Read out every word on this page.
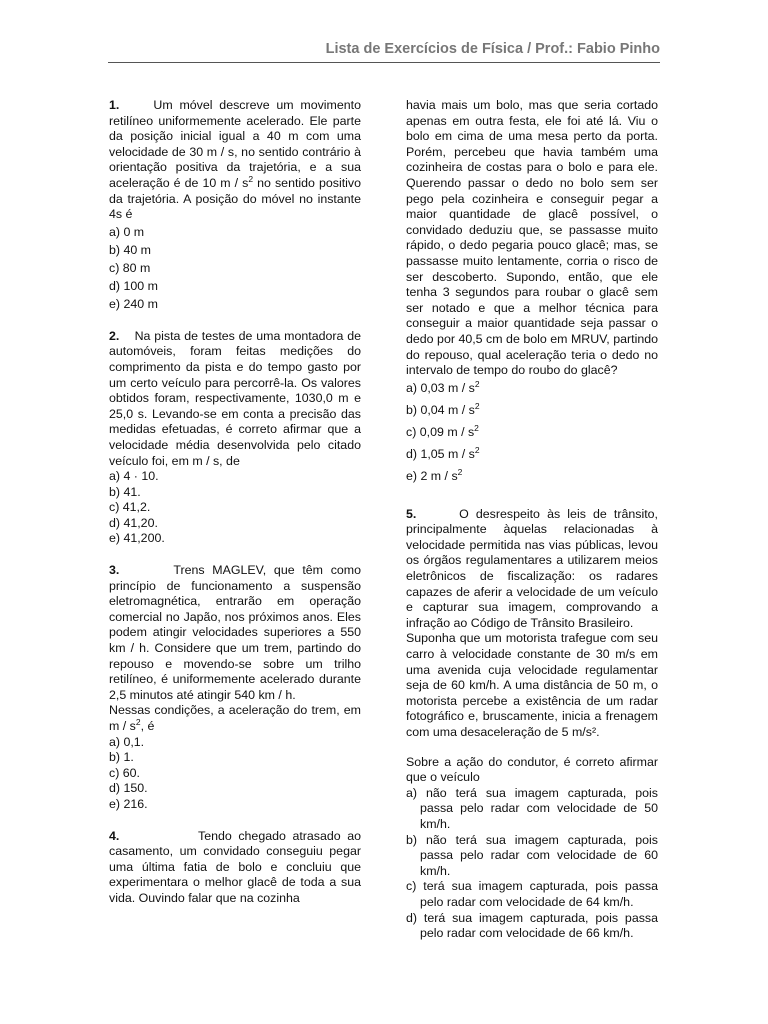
Lista de Exercícios de Física / Prof.: Fabio Pinho

1.	Um móvel descreve um movimento retilíneo uniformemente acelerado. Ele parte da posição inicial igual a 40 m com uma velocidade de 30 m / s, no sentido contrário à orientação positiva da trajetória, e a sua aceleração é de 10 m / $s^2$ no sentido positivo da trajetória. A posição do móvel no instante 4s é

a) 0 m
b) 40 m
c) 80 m
d) 100 m
e) 240 m

2. Na pista de testes de uma montadora de automóveis, foram feitas medições do comprimento da pista e do tempo gasto por um certo veículo para percorrê-la. Os valores obtidos foram, respectivamente, 1030,0 m e 25,0 s. Levando-se em conta a precisão das medidas efetuadas, é correto afirmar que a velocidade média desenvolvida pelo citado veículo foi, em m / s, de

a) 4 · 10.
b) 41.
c) 41,2.
d) 41,20.
e) 41,200.

3.	Trens MAGLEV, que têm como princípio de funcionamento a suspensão eletromagnética, entrarão em operação comercial no Japão, nos próximos anos. Eles podem atingir velocidades superiores a 550 km / h. Considere que um trem, partindo do repouso e movendo-se sobre um trilho retilíneo, é uniformemente acelerado durante 2,5 minutos até atingir 540 km / h.

Nessas condições, a aceleração do trem, em m / $s^2$, é

a) 0,1.
b) 1.
c) 60.
d) 150.
e) 216.

4.	Tendo chegado atrasado ao casamento, um convidado conseguiu pegar uma última fatia de bolo e concluiu que experimentara o melhor glacê de toda a sua vida. Ouvindo falar que na cozinha

havia mais um bolo, mas que seria cortado apenas em outra festa, ele foi até lá. Viu o bolo em cima de uma mesa perto da porta. Porém, percebeu que havia também uma cozinheira de costas para o bolo e para ele. Querendo passar o dedo no bolo sem ser pego pela cozinheira e conseguir pegar a maior quantidade de glacê possível, o convidado deduziu que, se passasse muito rápido, o dedo pegaria pouco glacê; mas, se passasse muito lentamente, corria o risco de ser descoberto. Supondo, então, que ele tenha 3 segundos para roubar o glacê sem ser notado e que a melhor técnica para conseguir a maior quantidade seja passar o dedo por 40,5 cm de bolo em MRUV, partindo do repouso, qual aceleração teria o dedo no intervalo de tempo do roubo do glacê?

a) 0,03 m / $s^2$
b) 0,04 m / $s^2$
c) 0,09 m / $s^2$
d) 1,05 m / $s^2$
e) 2 m / $s^2$

5.	O desrespeito às leis de trânsito, principalmente àquelas relacionadas à velocidade permitida nas vias públicas, levou os órgãos regulamentares a utilizarem meios eletrônicos de fiscalização: os radares capazes de aferir a velocidade de um veículo e capturar sua imagem, comprovando a infração ao Código de Trânsito Brasileiro.

Suponha que um motorista trafegue com seu carro à velocidade constante de 30 m/s em uma avenida cuja velocidade regulamentar seja de 60 km/h. A uma distância de 50 m, o motorista percebe a existência de um radar fotográfico e, bruscamente, inicia a frenagem com uma desaceleração de 5 m/s².

Sobre a ação do condutor, é correto afirmar que o veículo

a) não terá sua imagem capturada, pois passa pelo radar com velocidade de 50 km/h.
b) não terá sua imagem capturada, pois passa pelo radar com velocidade de 60 km/h.
c) terá sua imagem capturada, pois passa pelo radar com velocidade de 64 km/h.
d) terá sua imagem capturada, pois passa pelo radar com velocidade de 66 km/h.
